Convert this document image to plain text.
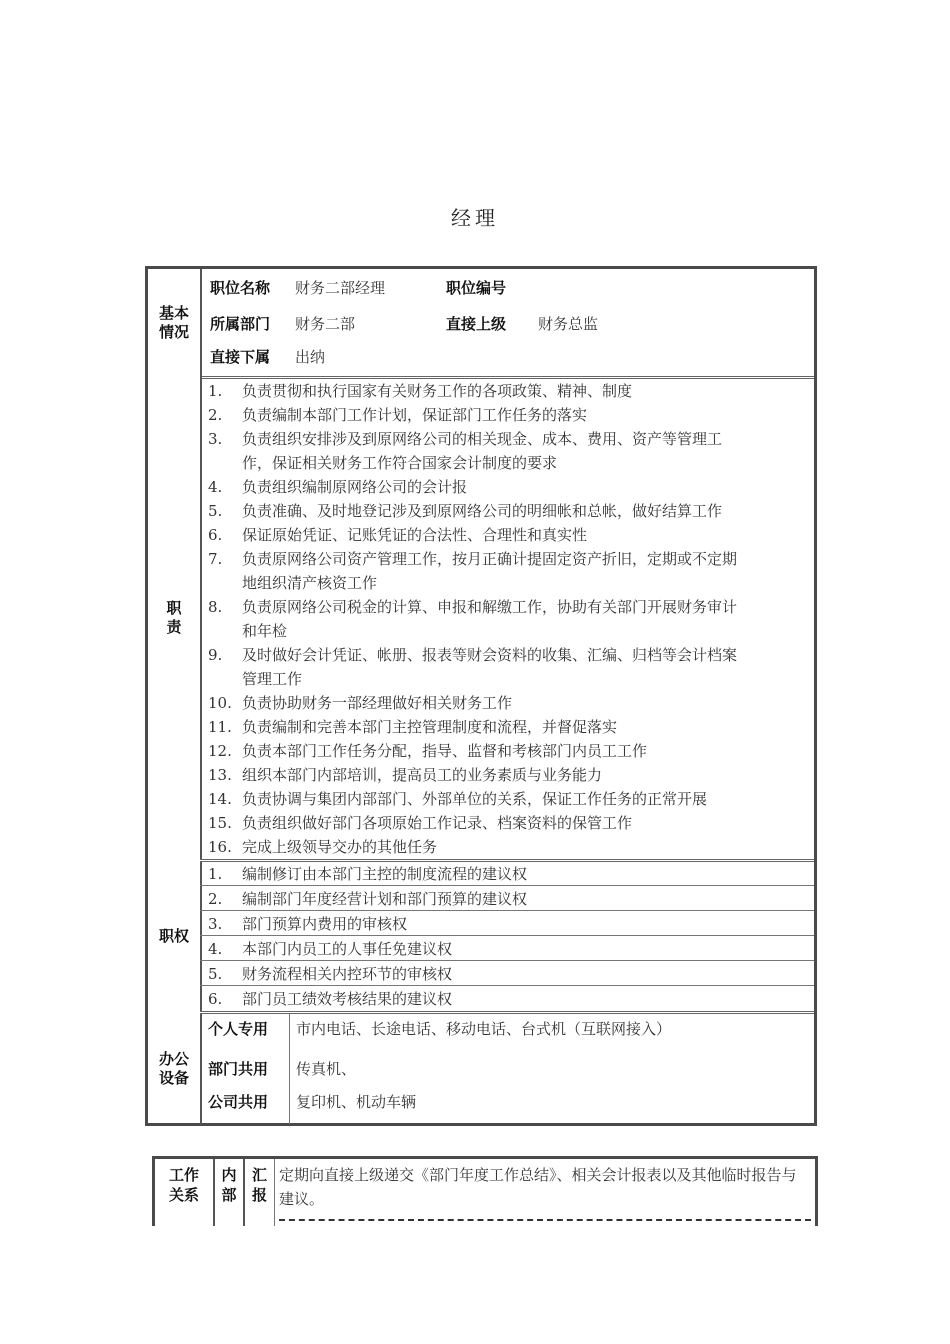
经理
基本
情况
职位名称 财务二部经理	职位编号
所属部门 财务二部	直接上级 财务总监
直接下属 出纳
职
责
1. 负责贯彻和执行国家有关财务工作的各项政策、精神、制度
2. 负责编制本部门工作计划，保证部门工作任务的落实
3. 负责组织安排涉及到原网络公司的相关现金、成本、费用、资产等管理工
作，保证相关财务工作符合国家会计制度的要求
4. 负责组织编制原网络公司的会计报
5. 负责准确、及时地登记涉及到原网络公司的明细帐和总帐，做好结算工作
6. 保证原始凭证、记账凭证的合法性、合理性和真实性
7. 负责原网络公司资产管理工作，按月正确计提固定资产折旧，定期或不定期
地组织清产核资工作
8. 负责原网络公司税金的计算、申报和解缴工作，协助有关部门开展财务审计
和年检
9. 及时做好会计凭证、帐册、报表等财会资料的收集、汇编、归档等会计档案
管理工作
10. 负责协助财务一部经理做好相关财务工作
11. 负责编制和完善本部门主控管理制度和流程，并督促落实
12. 负责本部门工作任务分配，指导、监督和考核部门内员工工作
13. 组织本部门内部培训，提高员工的业务素质与业务能力
14. 负责协调与集团内部部门、外部单位的关系，保证工作任务的正常开展
15. 负责组织做好部门各项原始工作记录、档案资料的保管工作
16. 完成上级领导交办的其他任务
职权
1. 编制修订由本部门主控的制度流程的建议权
2. 编制部门年度经营计划和部门预算的建议权
3. 部门预算内费用的审核权
4. 本部门内员工的人事任免建议权
5. 财务流程相关内控环节的审核权
6. 部门员工绩效考核结果的建议权
办公
设备
个人专用 市内电话、长途电话、移动电话、台式机（互联网接入）
部门共用 传真机、
公司共用 复印机、机动车辆
工作
关系
内
部
汇
报
定期向直接上级递交《部门年度工作总结》、相关会计报表以及其他临时报告与建议。
